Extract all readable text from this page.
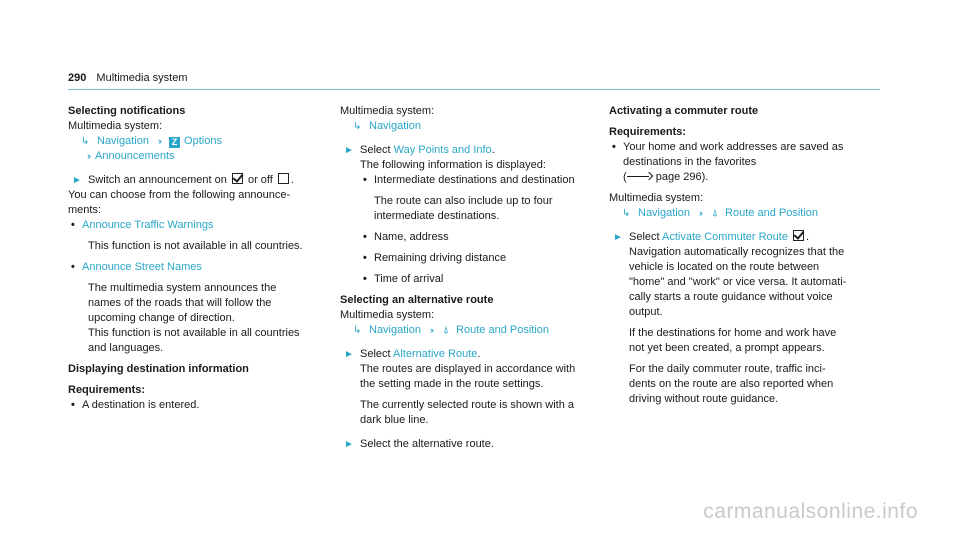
290 Multimedia system

Selecting notifications

Multimedia system:

↳ Navigation ›› Z Options

›› Announcements

► Switch an announcement on or off .

You can choose from the following announce-

ments:

• Announce Traffic Warnings

This function is not available in all countries.

• Announce Street Names

The multimedia system announces the

names of the roads that will follow the

upcoming change of direction.

This function is not available in all countries

and languages.

Displaying destination information

Requirements:

• A destination is entered.

Multimedia system:

↳ Navigation

► Select Way Points and Info.

The following information is displayed:

• Intermediate destinations and destination

The route can also include up to four

intermediate destinations.

• Name, address

• Remaining driving distance

• Time of arrival

Selecting an alternative route

Multimedia system:

↳ Navigation ›› ⍋ Route and Position

► Select Alternative Route.

The routes are displayed in accordance with

the setting made in the route settings.

The currently selected route is shown with a

dark blue line.

► Select the alternative route.

Activating a commuter route

Requirements:

• Your home and work addresses are saved as

destinations in the favorites

(	page 296).

Multimedia system:

↳ Navigation ›› ⍋ Route and Position

► Select Activate Commuter Route .

Navigation automatically recognizes that the

vehicle is located on the route between

"home" and "work" or vice versa. It automati-

cally starts a route guidance without voice

output.

If the destinations for home and work have

not yet been created, a prompt appears.

For the daily commuter route, traffic inci-

dents on the route are also reported when

driving without route guidance.

carmanualsonline.info
